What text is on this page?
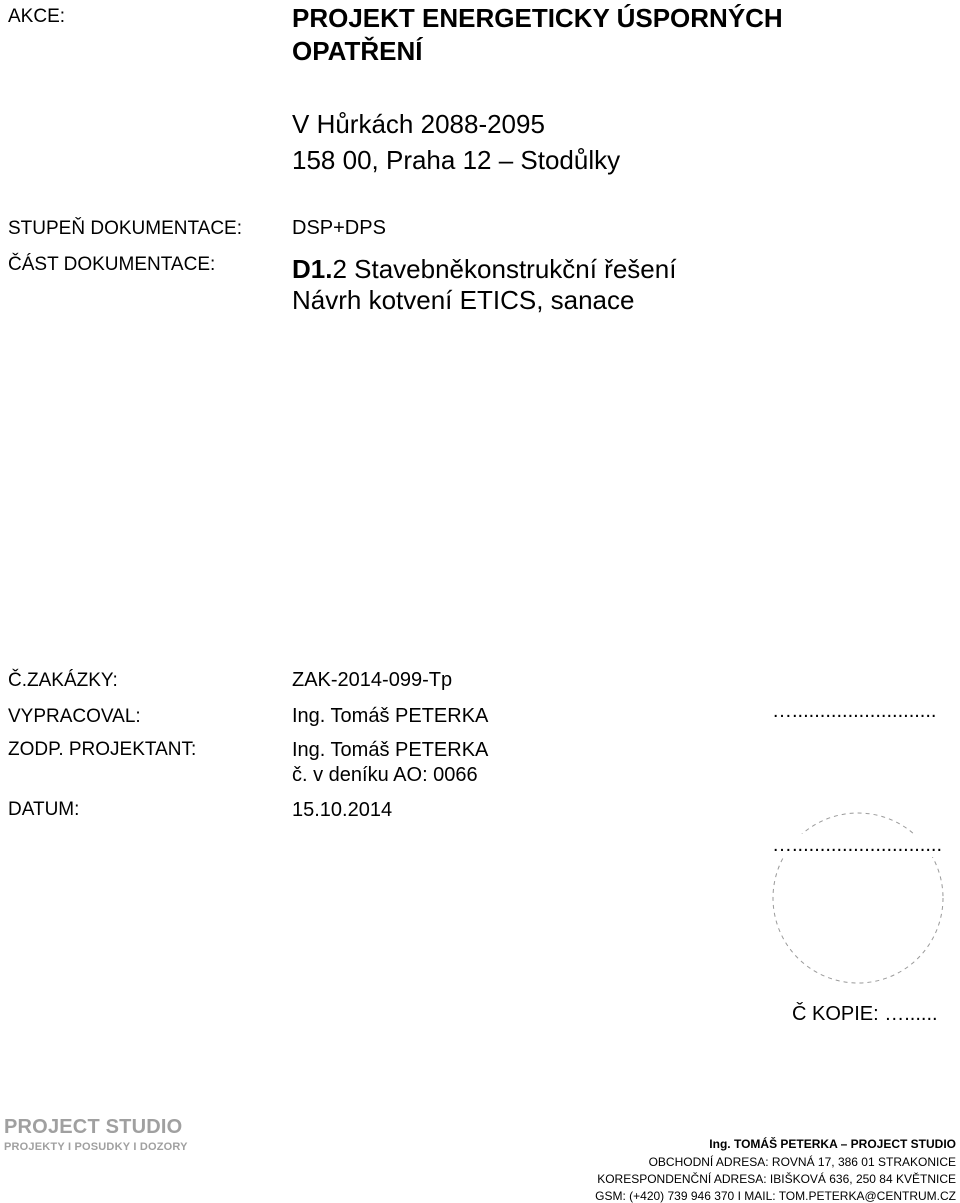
AKCE:	PROJEKT ENERGETICKY ÚSPORNÝCH
OPATŘENÍ
V Hůrkách 2088-2095
158 00, Praha 12 – Stodůlky
STUPEŇ DOKUMENTACE: DSP+DPS
ČÁST DOKUMENTACE:	D1.2 Stavebněkonstrukční řešení
Návrh kotvení ETICS, sanace
Č.ZAKÁZKY:	ZAK-2014-099-Tp
VYPRACOVAL:	Ing. Tomáš PETERKA	…..........................
ZODP. PROJEKTANT:	Ing. Tomáš PETERKA
č. v deníku AO: 0066
DATUM:	15.10.2014
…...........................
Č KOPIE: …......
PROJECT STUDIO
PROJEKTY I POSUDKY I DOZORY	Ing. TOMÁŠ PETERKA – PROJECT STUDIO
OBCHODNÍ ADRESA: ROVNÁ 17, 386 01 STRAKONICE
KORESPONDENČNÍ ADRESA: IBIŠKOVÁ 636, 250 84 KVĚTNICE
GSM: (+420) 739 946 370 I MAIL: TOM.PETERKA@CENTRUM.CZ
